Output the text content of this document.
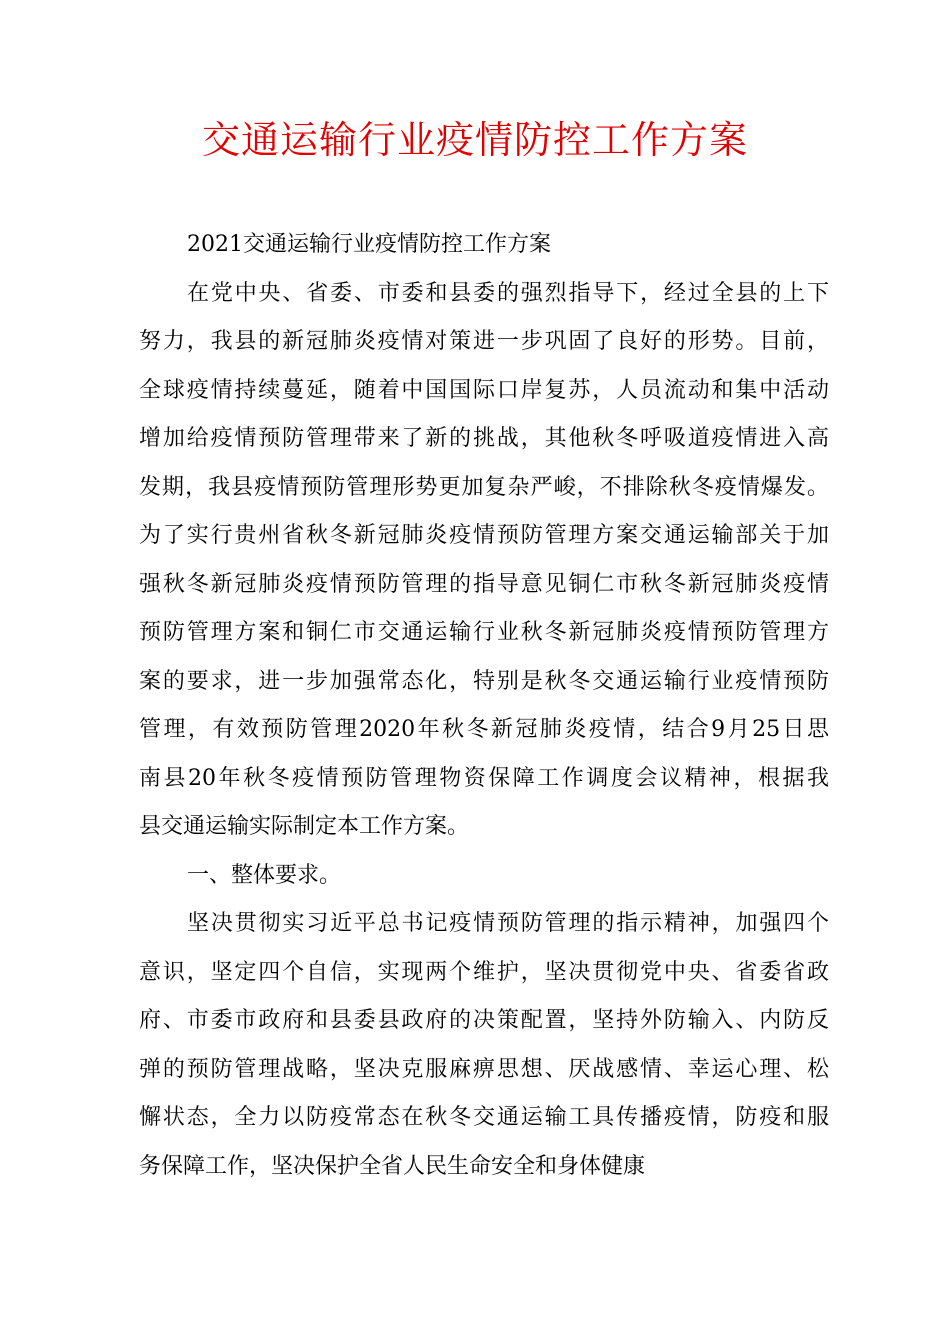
交通运输行业疫情防控工作方案
2021交通运输行业疫情防控工作方案
在党中央、省委、市委和县委的强烈指导下，经过全县的上下
努力，我县的新冠肺炎疫情对策进一步巩固了良好的形势。目前，
全球疫情持续蔓延，随着中国国际口岸复苏，人员流动和集中活动
增加给疫情预防管理带来了新的挑战，其他秋冬呼吸道疫情进入高
发期，我县疫情预防管理形势更加复杂严峻，不排除秋冬疫情爆发。
为了实行贵州省秋冬新冠肺炎疫情预防管理方案交通运输部关于加
强秋冬新冠肺炎疫情预防管理的指导意见铜仁市秋冬新冠肺炎疫情
预防管理方案和铜仁市交通运输行业秋冬新冠肺炎疫情预防管理方
案的要求，进一步加强常态化，特别是秋冬交通运输行业疫情预防
管理，有效预防管理2020年秋冬新冠肺炎疫情，结合9月25日思
南县20年秋冬疫情预防管理物资保障工作调度会议精神，根据我
县交通运输实际制定本工作方案。
一、整体要求。
坚决贯彻实习近平总书记疫情预防管理的指示精神，加强四个
意识，坚定四个自信，实现两个维护，坚决贯彻党中央、省委省政
府、市委市政府和县委县政府的决策配置，坚持外防输入、内防反
弹的预防管理战略，坚决克服麻痹思想、厌战感情、幸运心理、松
懈状态，全力以防疫常态在秋冬交通运输工具传播疫情，防疫和服
务保障工作，坚决保护全省人民生命安全和身体健康
